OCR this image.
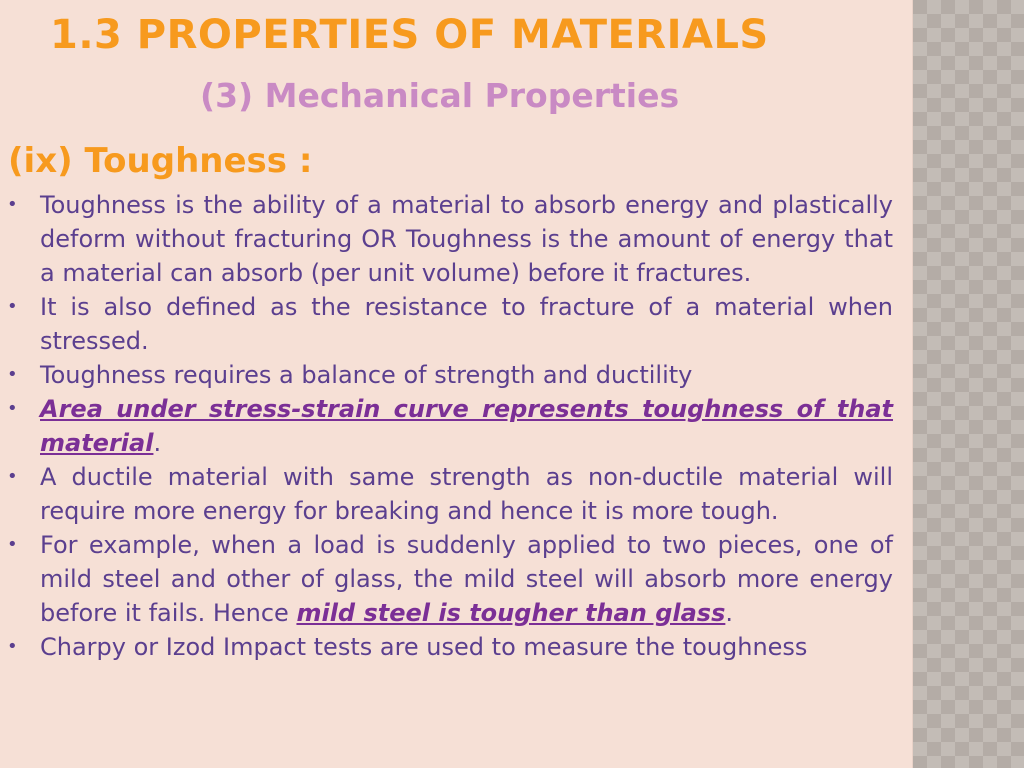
1.3 PROPERTIES OF MATERIALS
(3) Mechanical Properties
(ix) Toughness :
• Toughness is the ability of a material to absorb energy and plastically deform without fracturing OR Toughness is the amount of energy that a material can absorb (per unit volume) before it fractures.
• It is also defined as the resistance to fracture of a material when stressed.
• Toughness requires a balance of strength and ductility
• Area under stress-strain curve represents toughness of that material.
• A ductile material with same strength as non-ductile material will require more energy for breaking and hence it is more tough.
• For example, when a load is suddenly applied to two pieces, one of mild steel and other of glass, the mild steel will absorb more energy before it fails. Hence mild steel is tougher than glass.
• Charpy or Izod Impact tests are used to measure the toughness
